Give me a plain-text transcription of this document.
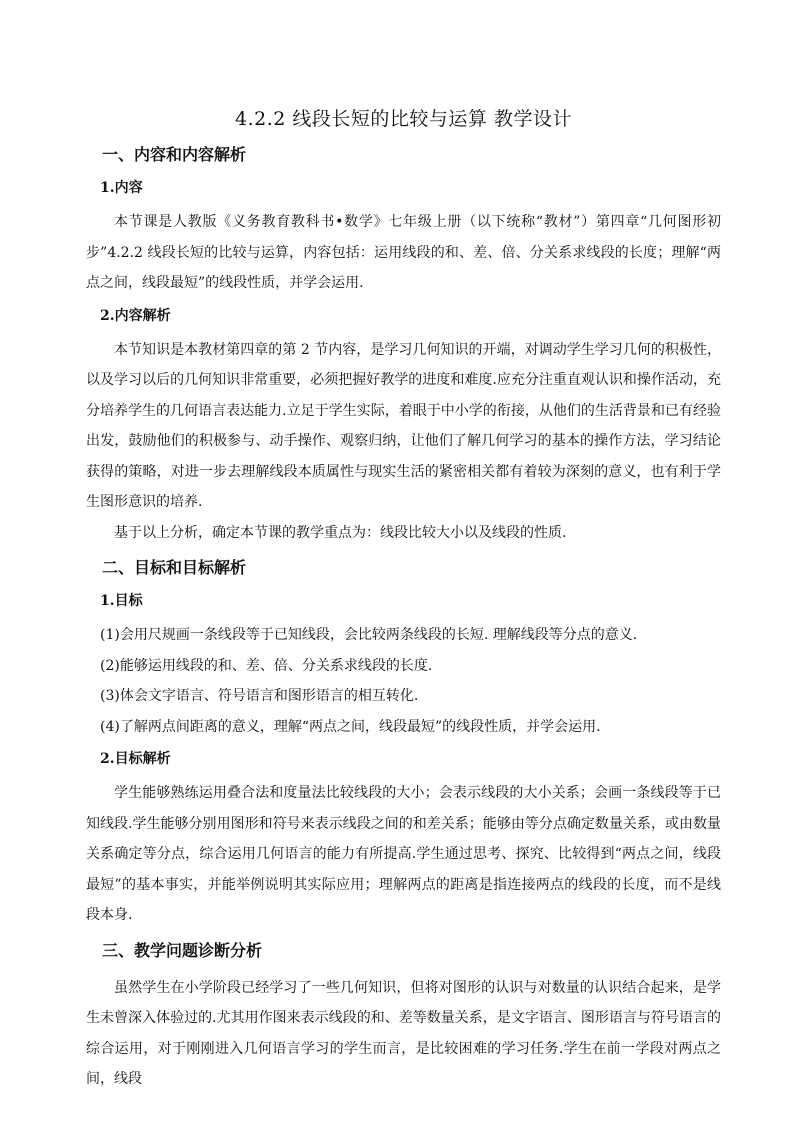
4.2.2 线段长短的比较与运算 教学设计
一、内容和内容解析
1.内容

本节课是人教版《义务教育教科书•数学》七年级上册（以下统称“教材”）第四章“几何图形初步”4.2.2 线段长短的比较与运算，内容包括：运用线段的和、差、倍、分关系求线段的长度；理解“两点之间，线段最短”的线段性质，并学会运用.

2.内容解析

本节知识是本教材第四章的第 2 节内容，是学习几何知识的开端，对调动学生学习几何的积极性，以及学习以后的几何知识非常重要，必须把握好教学的进度和难度.应充分注重直观认识和操作活动，充分培养学生的几何语言表达能力.立足于学生实际，着眼于中小学的衔接，从他们的生活背景和已有经验出发，鼓励他们的积极参与、动手操作、观察归纳，让他们了解几何学习的基本的操作方法，学习结论获得的策略，对进一步去理解线段本质属性与现实生活的紧密相关都有着较为深刻的意义，也有利于学生图形意识的培养.

基于以上分析，确定本节课的教学重点为：线段比较大小以及线段的性质.

二、目标和目标解析
1.目标
(1)会用尺规画一条线段等于已知线段，会比较两条线段的长短. 理解线段等分点的意义.
(2)能够运用线段的和、差、倍、分关系求线段的长度.
(3)体会文字语言、符号语言和图形语言的相互转化.
(4)了解两点间距离的意义，理解“两点之间，线段最短”的线段性质，并学会运用.
2.目标解析

学生能够熟练运用叠合法和度量法比较线段的大小；会表示线段的大小关系；会画一条线段等于已知线段.学生能够分别用图形和符号来表示线段之间的和差关系；能够由等分点确定数量关系，或由数量关系确定等分点，综合运用几何语言的能力有所提高.学生通过思考、探究、比较得到“两点之间，线段最短”的基本事实，并能举例说明其实际应用；理解两点的距离是指连接两点的线段的长度，而不是线段本身.

三、教学问题诊断分析

虽然学生在小学阶段已经学习了一些几何知识，但将对图形的认识与对数量的认识结合起来，是学生未曾深入体验过的.尤其用作图来表示线段的和、差等数量关系，是文字语言、图形语言与符号语言的综合运用，对于刚刚进入几何语言学习的学生而言，是比较困难的学习任务.学生在前一学段对两点之间，线段
